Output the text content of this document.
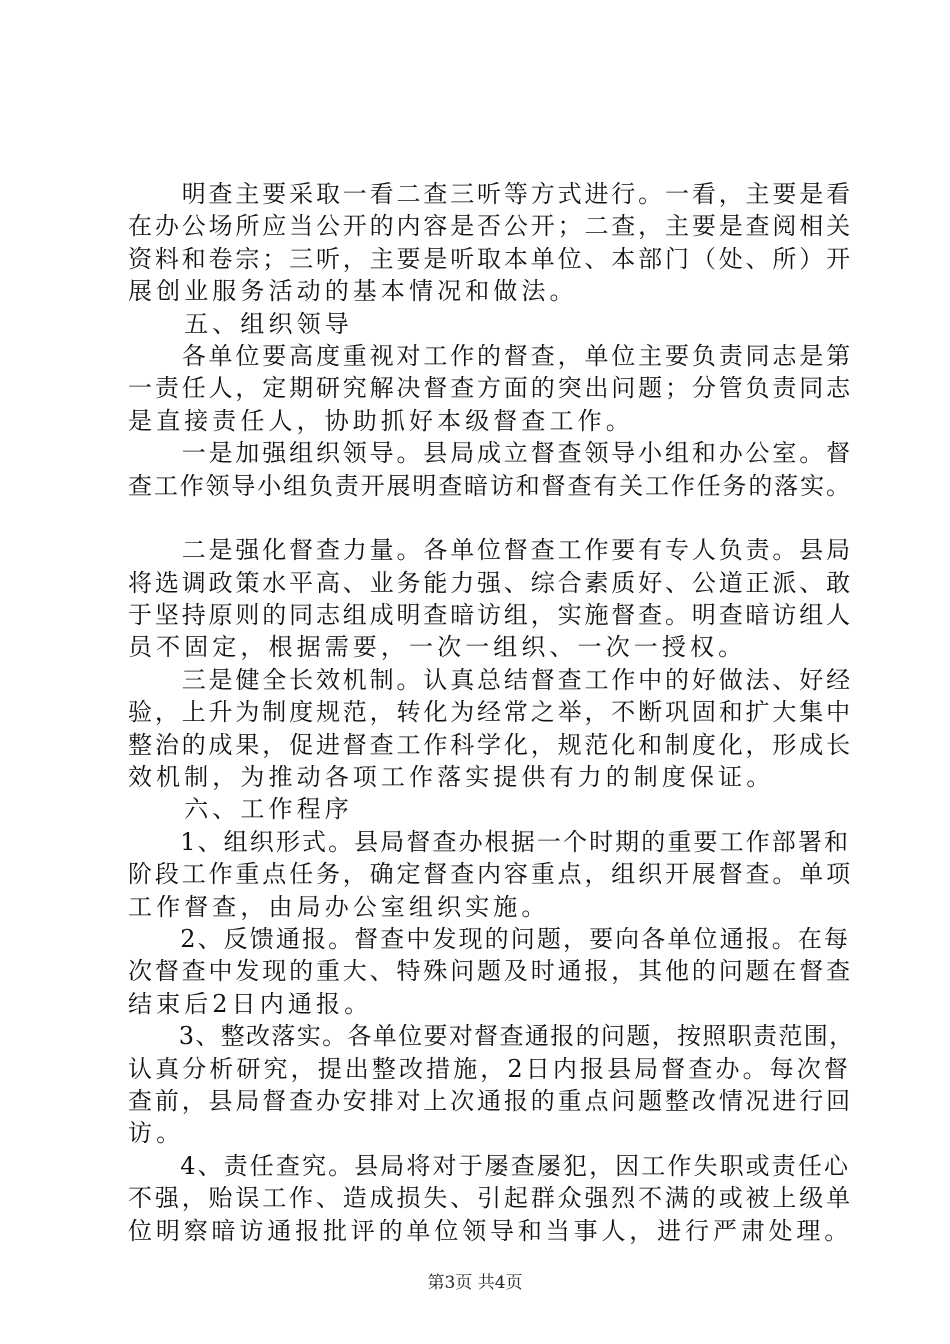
　　明查主要采取一看二查三听等方式进行。一看，主要是看
在办公场所应当公开的内容是否公开；二查，主要是查阅相关
资料和卷宗；三听，主要是听取本单位、本部门（处、所）开
展创业服务活动的基本情况和做法。
　　五、组织领导
　　各单位要高度重视对工作的督查，单位主要负责同志是第
一责任人，定期研究解决督查方面的突出问题；分管负责同志
是直接责任人，协助抓好本级督查工作。
　　一是加强组织领导。县局成立督查领导小组和办公室。督
查工作领导小组负责开展明查暗访和督查有关工作任务的落实。
　　二是强化督查力量。各单位督查工作要有专人负责。县局
将选调政策水平高、业务能力强、综合素质好、公道正派、敢
于坚持原则的同志组成明查暗访组，实施督查。明查暗访组人
员不固定，根据需要，一次一组织、一次一授权。
　　三是健全长效机制。认真总结督查工作中的好做法、好经
验，上升为制度规范，转化为经常之举，不断巩固和扩大集中
整治的成果，促进督查工作科学化，规范化和制度化，形成长
效机制，为推动各项工作落实提供有力的制度保证。
　　六、工作程序
　　1、组织形式。县局督查办根据一个时期的重要工作部署和
阶段工作重点任务，确定督查内容重点，组织开展督查。单项
工作督查，由局办公室组织实施。
　　2、反馈通报。督查中发现的问题，要向各单位通报。在每
次督查中发现的重大、特殊问题及时通报，其他的问题在督查
结束后2日内通报。
　　3、整改落实。各单位要对督查通报的问题，按照职责范围，
认真分析研究，提出整改措施，2日内报县局督查办。每次督
查前，县局督查办安排对上次通报的重点问题整改情况进行回
访。
　　4、责任查究。县局将对于屡查屡犯，因工作失职或责任心
不强，贻误工作、造成损失、引起群众强烈不满的或被上级单
位明察暗访通报批评的单位领导和当事人，进行严肃处理。
第3页 共4页
